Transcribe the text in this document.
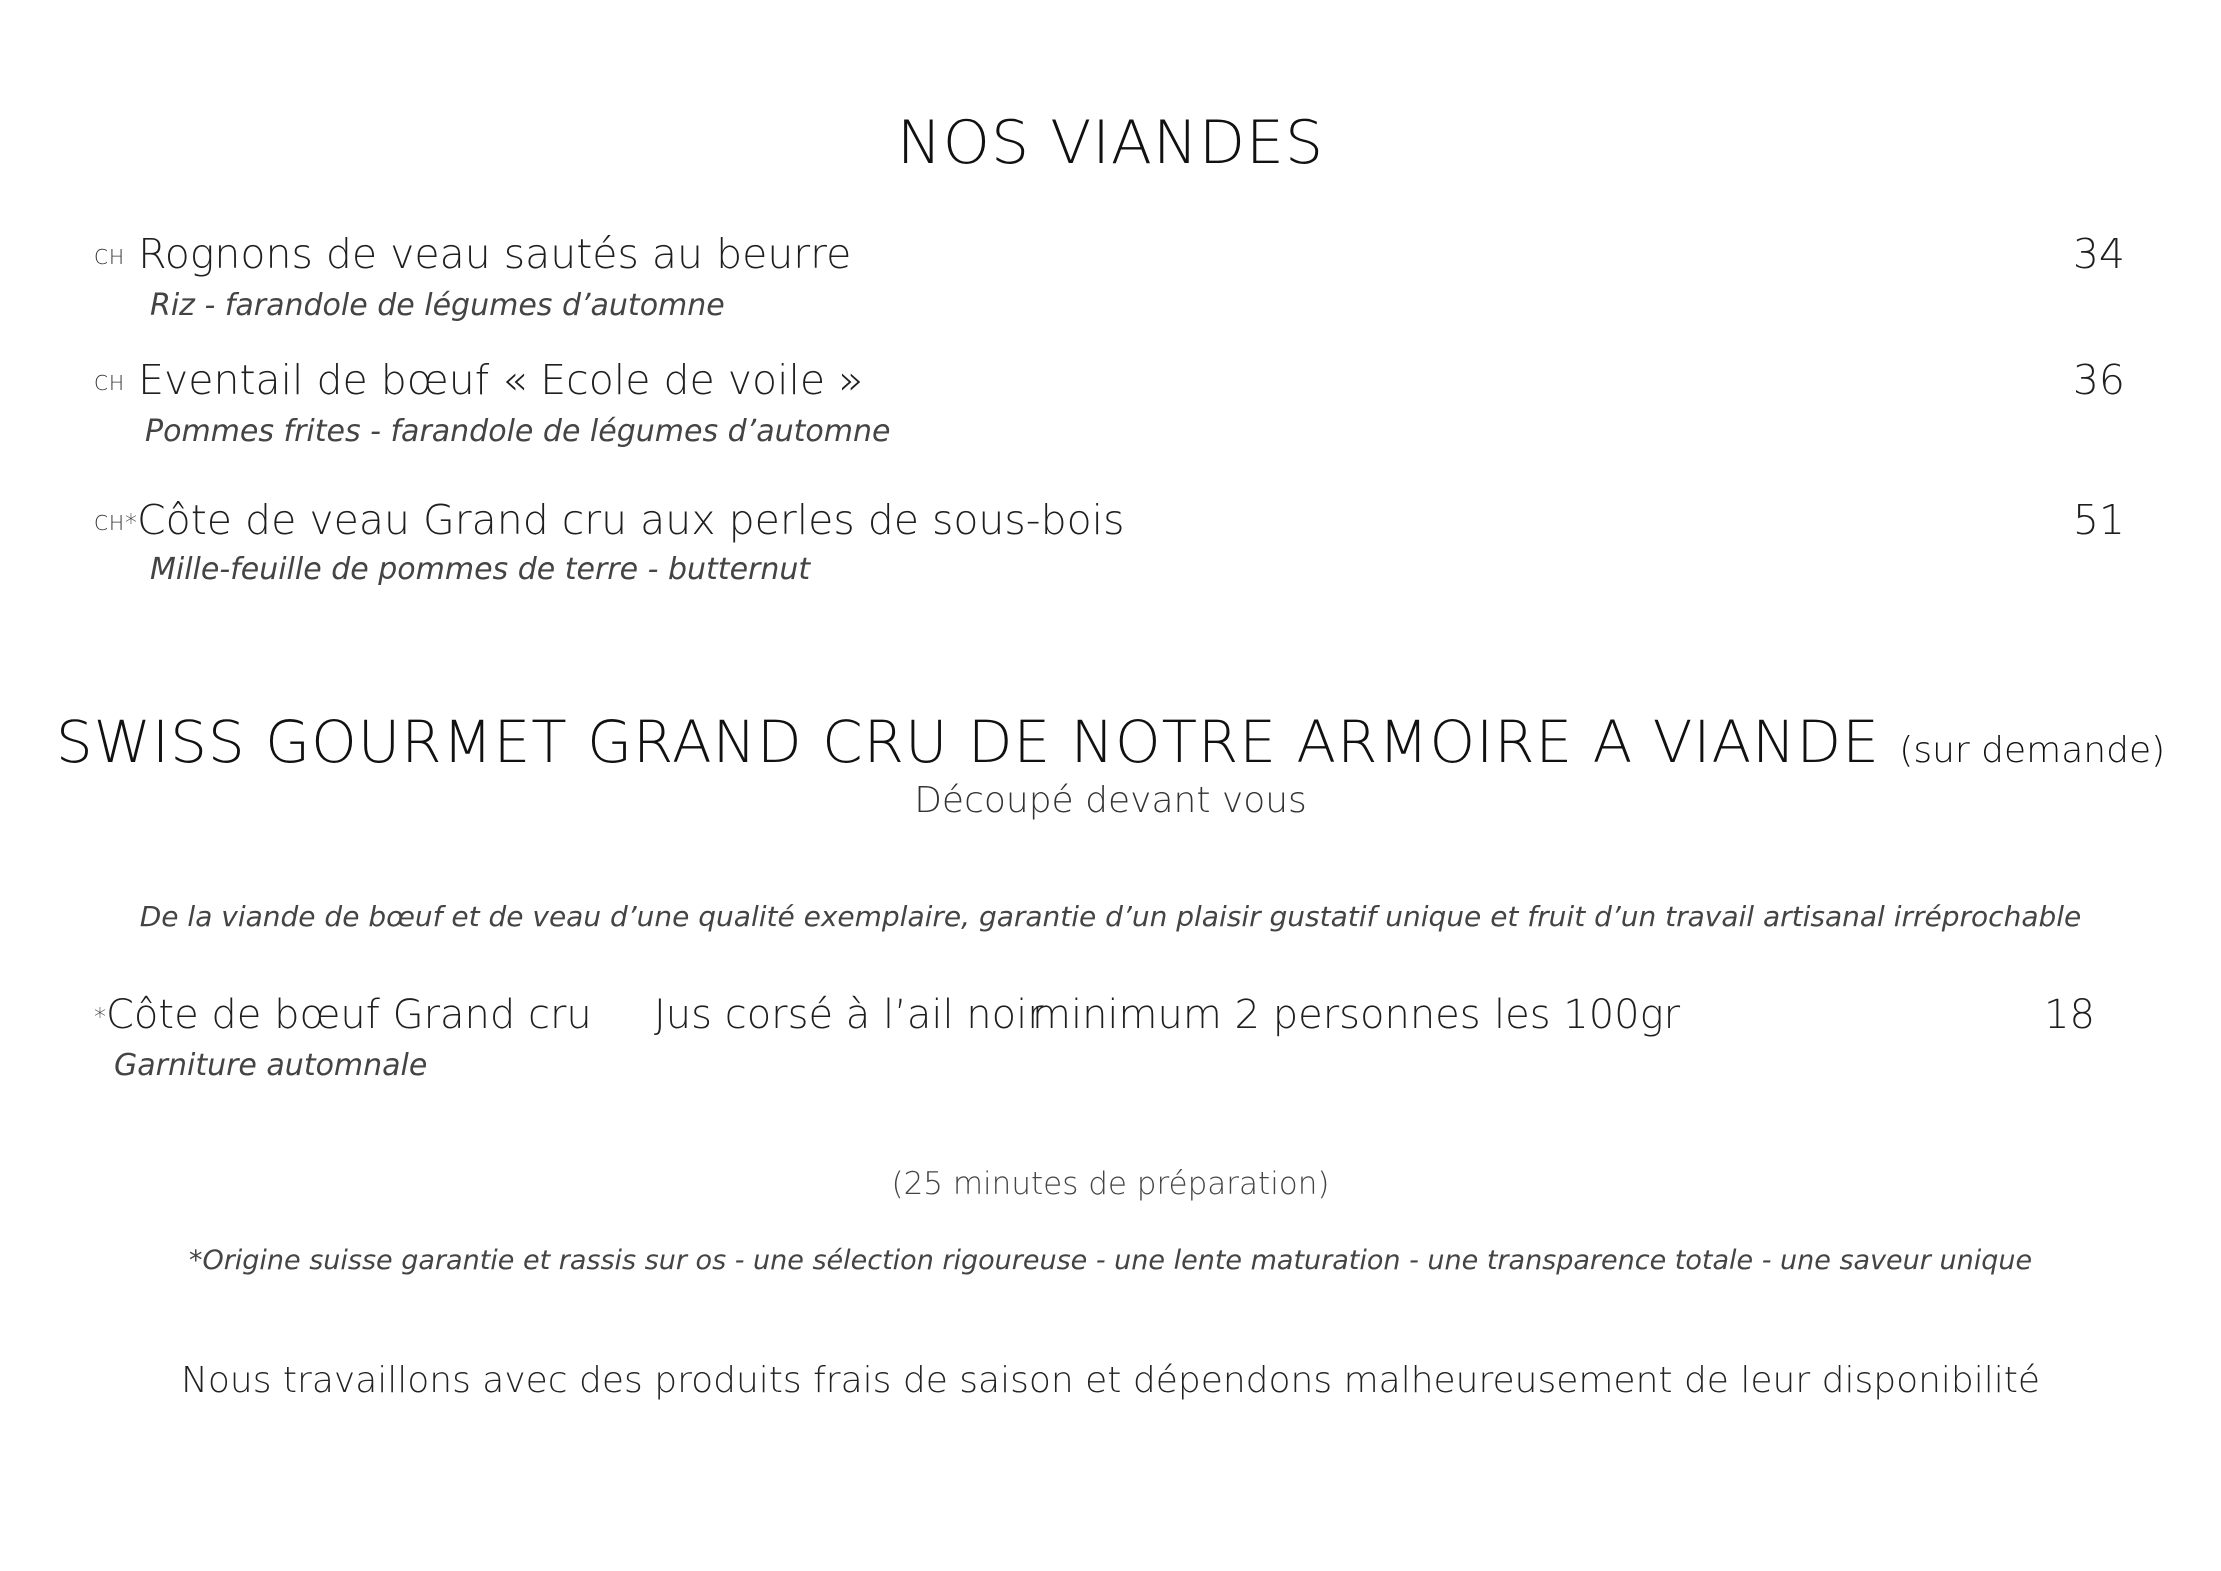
NOS VIANDES
CH Rognons de veau sautés au beurre
Riz - farandole de légumes d’automne
34
CH Eventail de bœuf « Ecole de voile »
Pommes frites - farandole de légumes d’automne
36
CH*Côte de veau Grand cru aux perles de sous-bois
Mille-feuille de pommes de terre - butternut
51
SWISS GOURMET GRAND CRU DE NOTRE ARMOIRE A VIANDE (sur demande)
Découpé devant vous
De la viande de bœuf et de veau d’une qualité exemplaire, garantie d’un plaisir gustatif unique et fruit d’un travail artisanal irréprochable
*Côte de bœuf Grand cru Jus corsé à l’ail noir
minimum 2 personnes les 100gr	18
Garniture automnale
(25 minutes de préparation)
*Origine suisse garantie et rassis sur os - une sélection rigoureuse - une lente maturation - une transparence totale - une saveur unique
Nous travaillons avec des produits frais de saison et dépendons malheureusement de leur disponibilité
